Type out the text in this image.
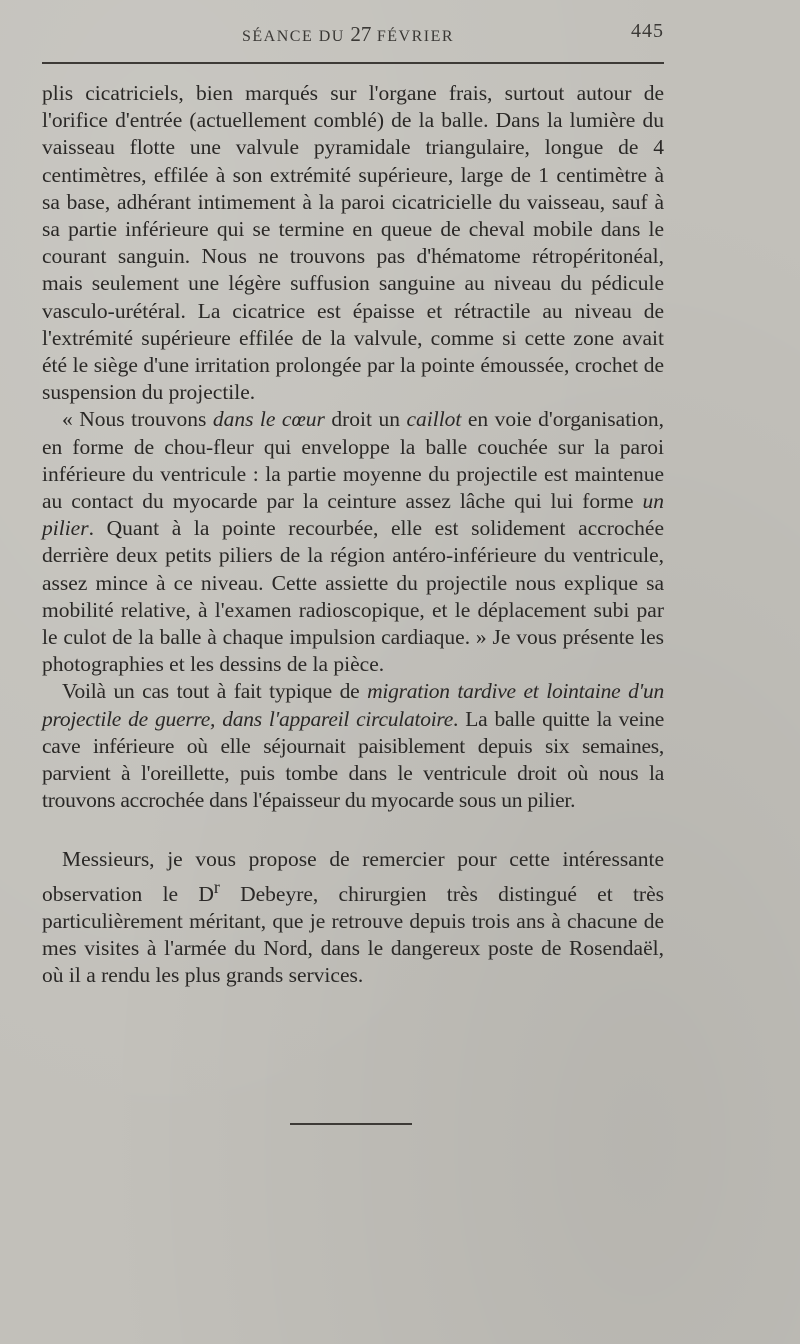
SÉANCE DU 27 FÉVRIER	445

plis cicatriciels, bien marqués sur l'organe frais, surtout autour de l'orifice d'entrée (actuellement comblé) de la balle. Dans la lumière du vaisseau flotte une valvule pyramidale triangulaire, longue de 4 centimètres, effilée à son extrémité supérieure, large de 1 centimètre à sa base, adhérant intimement à la paroi cicatricielle du vaisseau, sauf à sa partie inférieure qui se termine en queue de cheval mobile dans le courant sanguin. Nous ne trouvons pas d'hématome rétropéritonéal, mais seulement une légère suffusion sanguine au niveau du pédicule vasculo-urétéral. La cicatrice est épaisse et rétractile au niveau de l'extrémité supérieure effilée de la valvule, comme si cette zone avait été le siège d'une irritation prolongée par la pointe émoussée, crochet de suspension du projectile.

« Nous trouvons dans le cœur droit un caillot en voie d'organisation, en forme de chou-fleur qui enveloppe la balle couchée sur la paroi inférieure du ventricule : la partie moyenne du projectile est maintenue au contact du myocarde par la ceinture assez lâche qui lui forme un pilier. Quant à la pointe recourbée, elle est solidement accrochée derrière deux petits piliers de la région antéro-inférieure du ventricule, assez mince à ce niveau. Cette assiette du projectile nous explique sa mobilité relative, à l'examen radioscopique, et le déplacement subi par le culot de la balle à chaque impulsion cardiaque. » Je vous présente les photographies et les dessins de la pièce.

Voilà un cas tout à fait typique de migration tardive et lointaine d'un projectile de guerre, dans l'appareil circulatoire. La balle quitte la veine cave inférieure où elle séjournait paisiblement depuis six semaines, parvient à l'oreillette, puis tombe dans le ventricule droit où nous la trouvons accrochée dans l'épaisseur du myocarde sous un pilier.

Messieurs, je vous propose de remercier pour cette intéressante observation le $D^r$ Debeyre, chirurgien très distingué et très particulièrement méritant, que je retrouve depuis trois ans à chacune de mes visites à l'armée du Nord, dans le dangereux poste de Rosendaël, où il a rendu les plus grands services.
